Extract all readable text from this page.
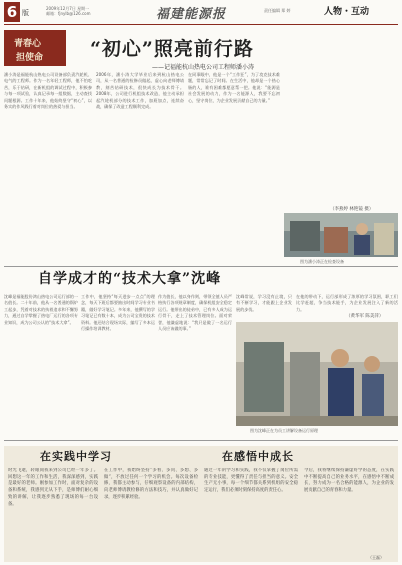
6 版
2009年12月7日 星期一
邮箱：fjnylb@126.com	福建能源报	责任编辑 郑 婷	人物・互动
青春心
担使命 “初心”照亮前行路
——记福能杭山热电公司工程师潘小涛
潘小涛是福能杭山热电公司设备部负责汽轮机、电气的工程师。作为一名年轻工程师，他不怕吃苦，乐于钻研，在新机组的调试过程中，积极参与每一项试验，认真记录每一组数据，主动查找问题根源。工作十年来，他始终坚守“初心”，以务实的作风践行着对岗位的热爱与担当。
2006年，潘小涛大学毕业后来到杭山热电公司，从一名普通的检修员做起，虚心向老师傅请教，刻苦钻研技术，很快成长为技术骨干。2008年，公司进行机组技术改造，他主动承担起汽轮机部分的技术工作，加班加点，连续奋战，确保了改造工程顺利完成。
在同事眼中，他是一个“工作狂”，为了攻克技术难题，常常忘记了时间。在生活中，他却是一个热心肠的人，谁有困难都愿意帮一把。他说：“能源是社会发展的动力，作为一名能源人，我要不忘初心，坚守岗位，为企业发展贡献自己的力量。”
（李燕婷 林艳镜 摄）
图为潘小涛正在检查设备
自学成才的“技术大拿”沈峰
沈峰是福能股份鸿山热电公司运行部的一名值长。二十年前，他从一名普通的锅炉工起步，凭着对技术的执着追求和不懈努力，通过自学掌握了热电厂运行的各项专业知识，成为公司公认的“技术大拿”。
工作中，他坚持“每天进步一点点”的理念，每天下班后都要抽出时间学习专业书籍，做好学习笔记。多年来，他撰写的学习笔记已有数十本，成为公司宝贵的技术资料。他还结合现场实际，编写了多本运行操作培训教材。
作为值长，他以身作则，带领全值人员严格执行各项规章制度，确保机组安全稳定运行。他带出的徒弟中，已有多人成为运行骨干，走上了技术管理岗位。面对荣誉，他谦虚地说：“我只是做了一名运行人员应该做的事。”
沈峰常说，学习没有止境，只有不断学习，才能跟上企业发展的步伐。
在他的带动下，运行部形成了浓厚的学习氛围，职工们比学赶超，争当技术能手，为企业发展注入了新的活力。
（黄华军 陈美萍）
图为沈峰正在为员工讲解设备运行原理
在实践中学习	在感悟中成长
时光飞逝，转眼间我来到公司已经一年多了。回想这一年的工作和生活，我深深感到，实践是最好的老师。刚参加工作时，面对复杂的设备和系统，我感到无从下手，是师傅们耐心细致的讲解，让我逐步熟悉了现场的每一台设备。
在工作中，我始终坚持“多看、多问、多想、多做”，不放过任何一个学习的机会。每次设备检修，我都主动参与，仔细观察设备的内部结构，向老师傅请教检修的方法和技巧，并认真做好记录，逐步积累经验。
通过一年的学习和实践，我不仅掌握了岗位所需的专业技能，更懂得了责任与担当的意义。安全生产无小事，每一个细节都关系到机组的安全稳定运行，我们必须时刻保持高度的责任心。
今后，我将继续保持谦虚好学的态度，在实践中不断提高自己的业务水平，在感悟中不断成长，努力成为一名合格的能源人，为企业的发展贡献自己的青春和力量。
（王磊）
